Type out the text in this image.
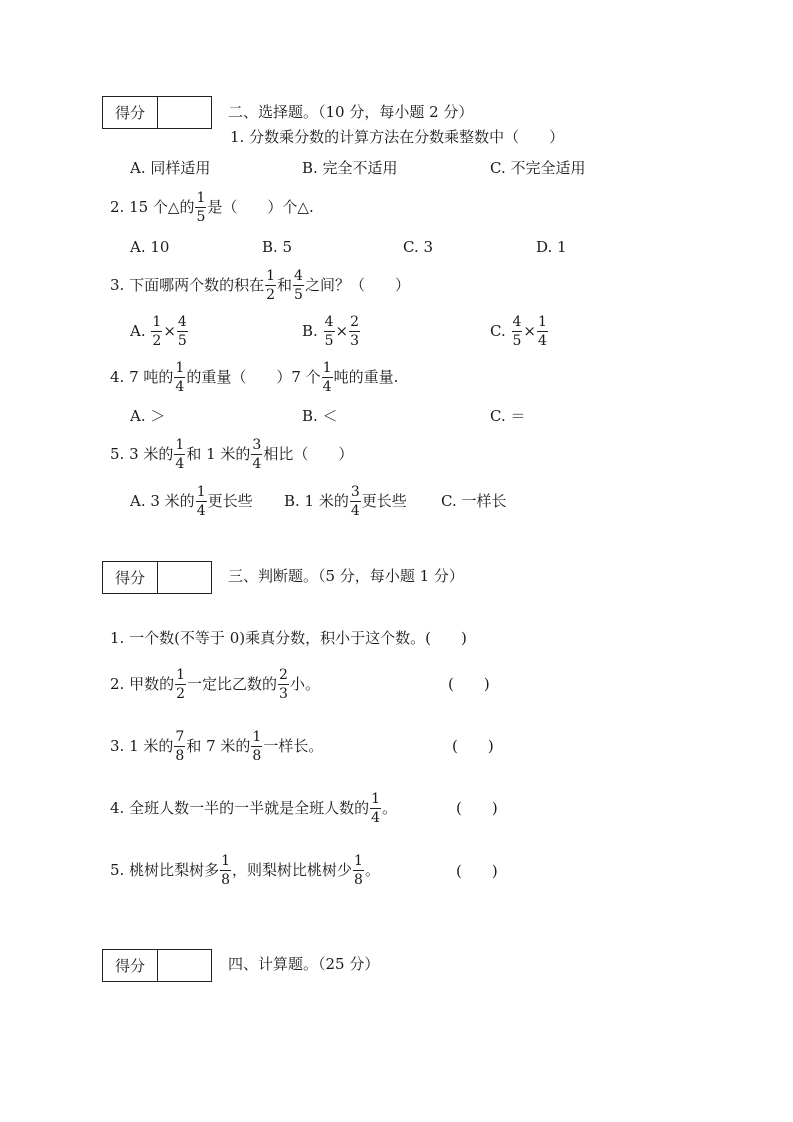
得分	二、选择题。（10 分，每小题 2 分）
1. 分数乘分数的计算方法在分数乘整数中（　　）
A. 同样适用	B. 完全不适用	C. 不完全适用
2. 15 个△的 $\frac{1}{5}$ 是（　　）个△.
A. 10	B. 5	C. 3	D. 1
3. 下面哪两个数的积在 $\frac{1}{2}$ 和 $\frac{4}{5}$ 之间？（　　）
A.
$\frac{1}{2} \times \frac{4}{5}$	B.
$\frac{4}{5} \times \frac{2}{3}$	C.
$\frac{4}{5} \times \frac{1}{4}$
4. 7 吨的 $\frac{1}{4}$ 的重量（　　）7 个 $\frac{1}{4}$ 吨的重量.
A. ＞	B. ＜	C. ＝
5. 3 米的 $\frac{1}{4}$ 和 1 米的 $\frac{3}{4}$ 相比（　　）
A. 3 米的 $\frac{1}{4}$ 更长些 B. 1 米的 $\frac{3}{4}$ 更长些 C. 一样长
得分	三、判断题。（5 分，每小题 1 分）
1. 一个数(不等于 0)乘真分数，积小于这个数。(　　)
2. 甲数的 $\frac{1}{2}$ 一定比乙数的 $\frac{2}{3}$ 小。	(　　)
3. 1 米的 $\frac{7}{8}$ 和 7 米的 $\frac{1}{8}$ 一样长。	(　　)
4. 全班人数一半的一半就是全班人数的 $\frac{1}{4}$ 。	(　　)
5. 桃树比梨树多 $\frac{1}{8}$ ，则梨树比桃树少 $\frac{1}{8}$ 。	(　　)
得分	四、计算题。（25 分）
